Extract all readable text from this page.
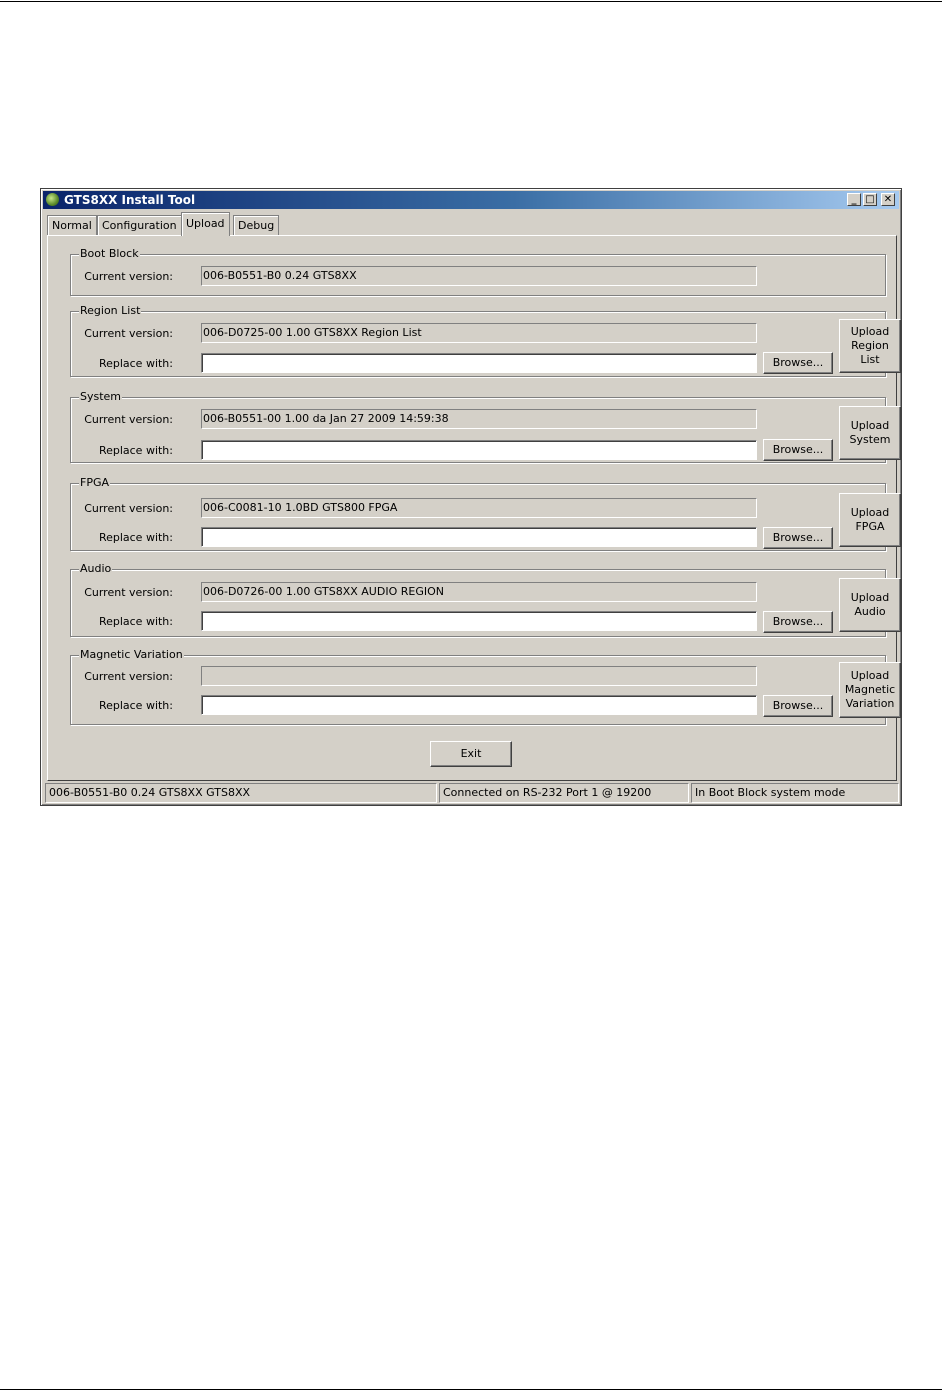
GTS8XX Install Tool	_ □ ✕
Normal Configuration Upload	Debug
Boot Block
Current version:	006-B0551-B0 0.24 GTS8XX
Region List
Current version:	006-D0725-00 1.00 GTS8XX Region List
Replace with:	Browse...
Upload
Region
List
System
Current version:	006-B0551-00 1.00 da Jan 27 2009 14:59:38
Replace with:	Browse...
Upload
System
FPGA
Current version:	006-C0081-10 1.0BD GTS800 FPGA
Replace with:	Browse...
Upload
FPGA
Audio
Current version:	006-D0726-00 1.00 GTS8XX AUDIO REGION
Replace with:	Browse...
Upload
Audio
Magnetic Variation
Current version:
Replace with:	Browse...
Upload
Magnetic
Variation
Exit
006-B0551-B0 0.24 GTS8XX GTS8XX	Connected on RS-232 Port 1 @ 19200	In Boot Block system mode
